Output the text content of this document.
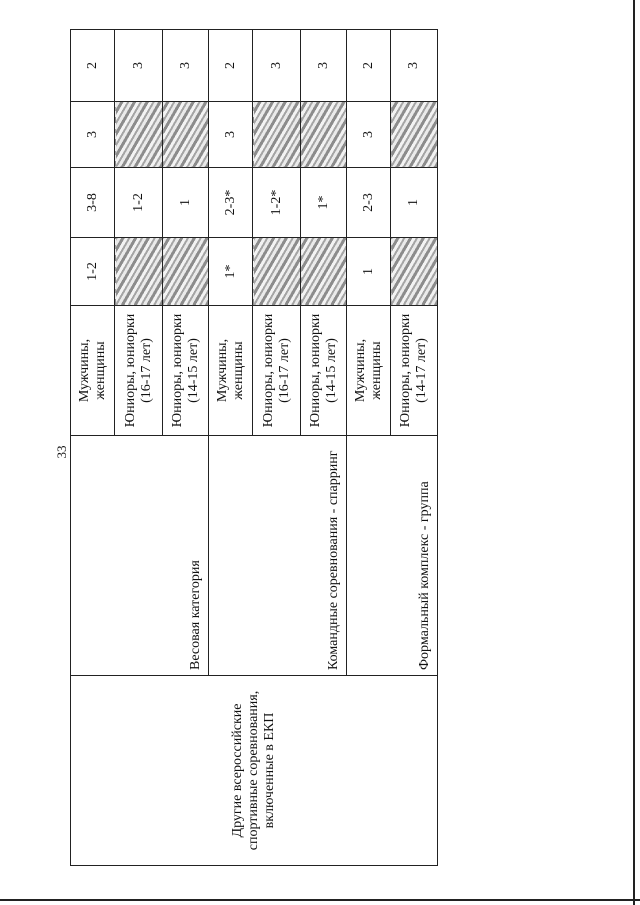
33
Другие всероссийские спортивные соревнования, включенные в ЕКП	Весовая категория	Мужчины, женщины	1-2	3-8	3	2
		Юниоры, юниорки (16-17 лет)		1-2		3
		Юниоры, юниорки (14-15 лет)		1		3
	Командные соревнования - спарринг	Мужчины, женщины	1*	2-3*	3	2
		Юниоры, юниорки (16-17 лет)		1-2*		3
		Юниоры, юниорки (14-15 лет)		1*		3
	Формальный комплекс - группа	Мужчины, женщины	1	2-3	3	2
		Юниоры, юниорки (14-17 лет)		1		3
